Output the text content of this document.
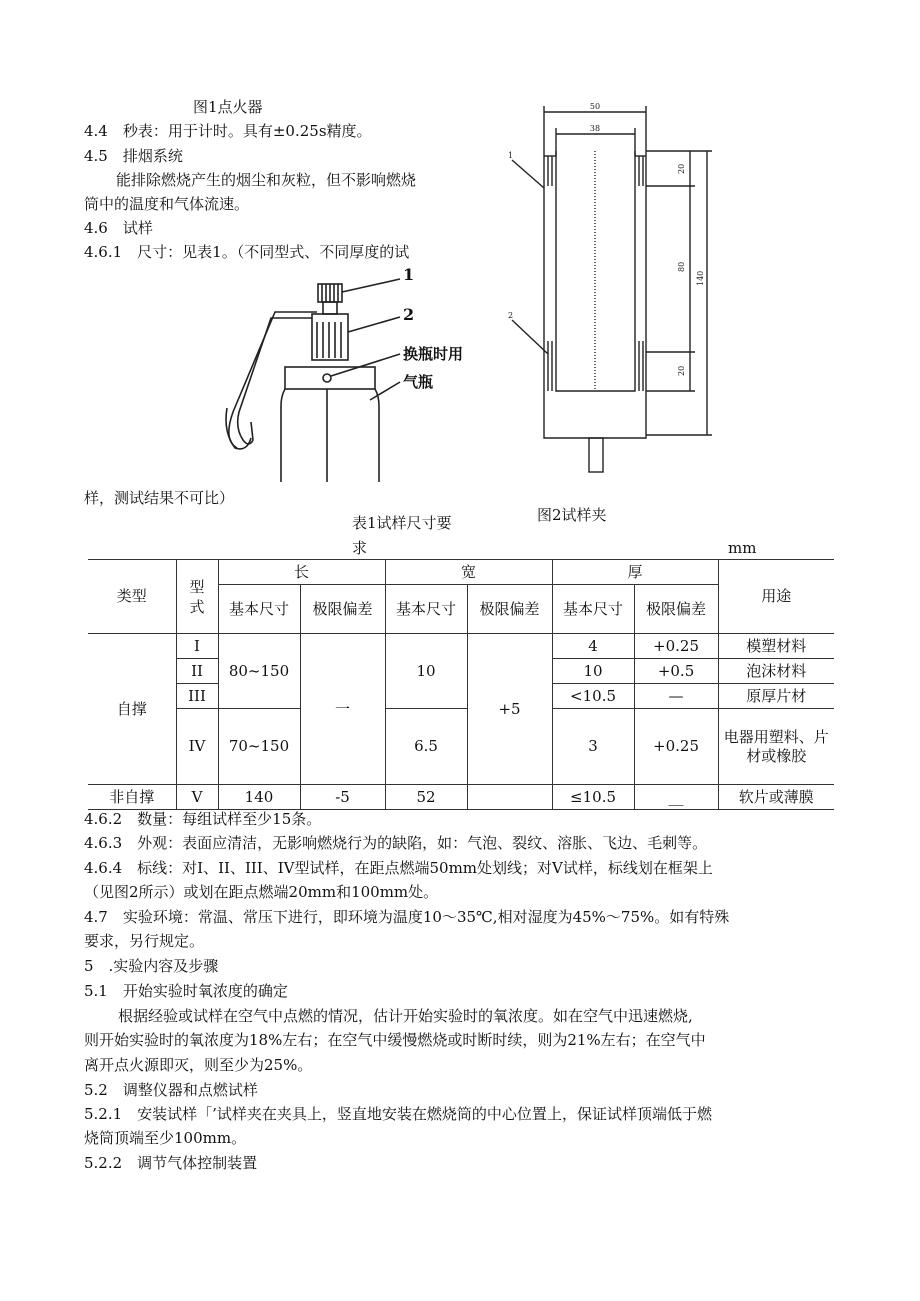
图1点火器
4.4　秒表：用于计时。具有±0.25s精度。
4.5　排烟系统
能排除燃烧产生的烟尘和灰粒，但不影响燃烧
筒中的温度和气体流速。
4.6　试样
4.6.1　尺寸：见表1。（不同型式、不同厚度的试
1
2
换瓶时用
气瓶
50
38
20
80
140
20
1
2
样，测试结果不可比）
图2试样夹
表1试样尺寸要
求	mm
类型	型式	长		宽		厚		用途
		基本尺寸	极限偏差	基本尺寸	极限偏差	基本尺寸	极限偏差	
自撑	I	80~150	一	10	+5	4	+0.25	模塑材料
	II					10	+0.5	泡沫材料
	III					<10.5	—	原厚片材
	IV	70~150		6.5		3	+0.25	电器用塑料、片材或橡胶
非自撑	V	140	-5	52		≤10.5	__	软片或薄膜
4.6.2　数量：每组试样至少15条。
4.6.3　外观：表面应清洁，无影响燃烧行为的缺陷，如：气泡、裂纹、溶胀、飞边、毛刺等。
4.6.4　标线：对I、II、III、IV型试样，在距点燃端50mm处划线；对V试样，标线划在框架上
（见图2所示）或划在距点燃端20mm和100mm处。
4.7　实验环境：常温、常压下进行，即环境为温度10～35℃,相对湿度为45%～75%。如有特殊
要求，另行规定。
5　.实验内容及步骤
5.1　开始实验时氧浓度的确定
根据经验或试样在空气中点燃的情况，估计开始实验时的氧浓度。如在空气中迅速燃烧,
则开始实验时的氧浓度为18%左右；在空气中缓慢燃烧或时断时续，则为21%左右；在空气中
离开点火源即灭，则至少为25%。
5.2　调整仪器和点燃试样
5.2.1　安装试样「’试样夹在夹具上，竖直地安装在燃烧筒的中心位置上，保证试样顶端低于燃
烧筒顶端至少100mm。
5.2.2　调节气体控制装置
